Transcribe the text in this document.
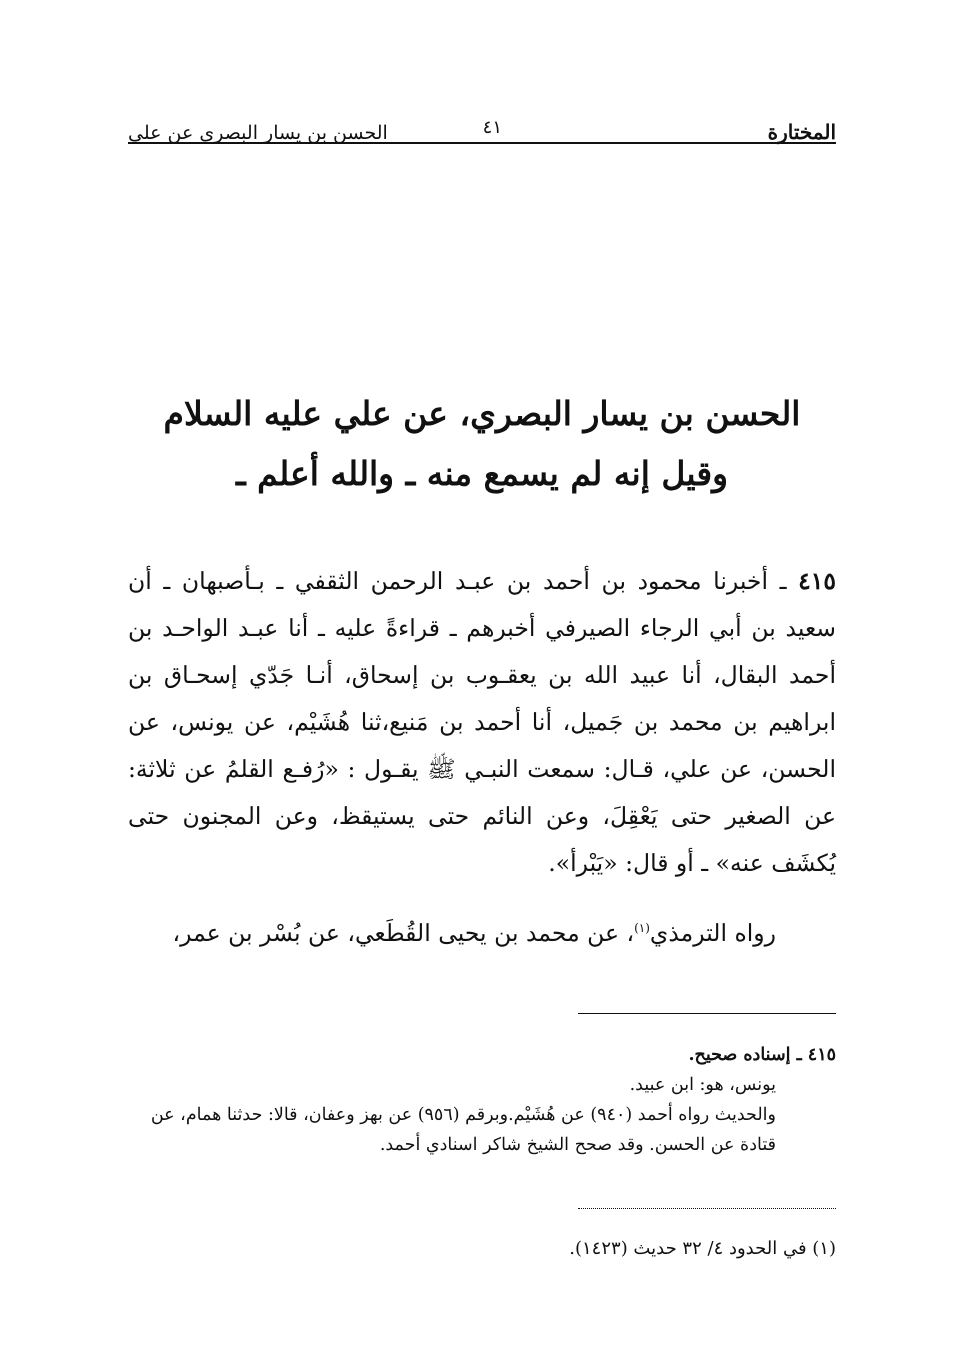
المختارة
٤١
الحسن بن يسار البصري عن علي
الحسن بن يسار البصري، عن علي عليه السلام
وقيل إنه لم يسمع منه ـ والله أعلم ـ

٤١٥ ـ أخبرنا محمود بن أحمد بن عبـد الرحمن الثقفي ـ بـأصبهان ـ أن سعيد بن أبي الرجاء الصيرفي أخبرهم ـ قراءةً عليه ـ أنا عبـد الواحـد بن أحمد البقال، أنا عبيد الله بن يعقـوب بن إسحاق، أنـا جَدّي إسحـاق بن ابراهيم بن محمد بن جَميل، أنا أحمد بن مَنيع،ثنا هُشَيْم، عن يونس، عن الحسن، عن علي، قـال: سمعت النبـي ﷺ يقـول : «رُفـع القلمُ عن ثلاثة: عن الصغير حتى يَعْقِلَ، وعن النائم حتى يستيقظ، وعن المجنون حتى يُكشَف عنه» ـ أو قال: «يَبْرأ».

رواه الترمذي$^{(١)}$، عن محمد بن يحيى القُطَعي، عن بُسْر بن عمر،

٤١٥ ـ إسناده صحيح.
يونس، هو: ابن عبيد.
والحديث رواه أحمد (٩٤٠) عن هُشَيْم.وبرقم (٩٥٦) عن بهز وعفان، قالا: حدثنا همام، عن قتادة عن الحسن. وقد صحح الشيخ شاكر اسنادي أحمد.
(١) في الحدود ٤/ ٣٢ حديث (١٤٢٣).
